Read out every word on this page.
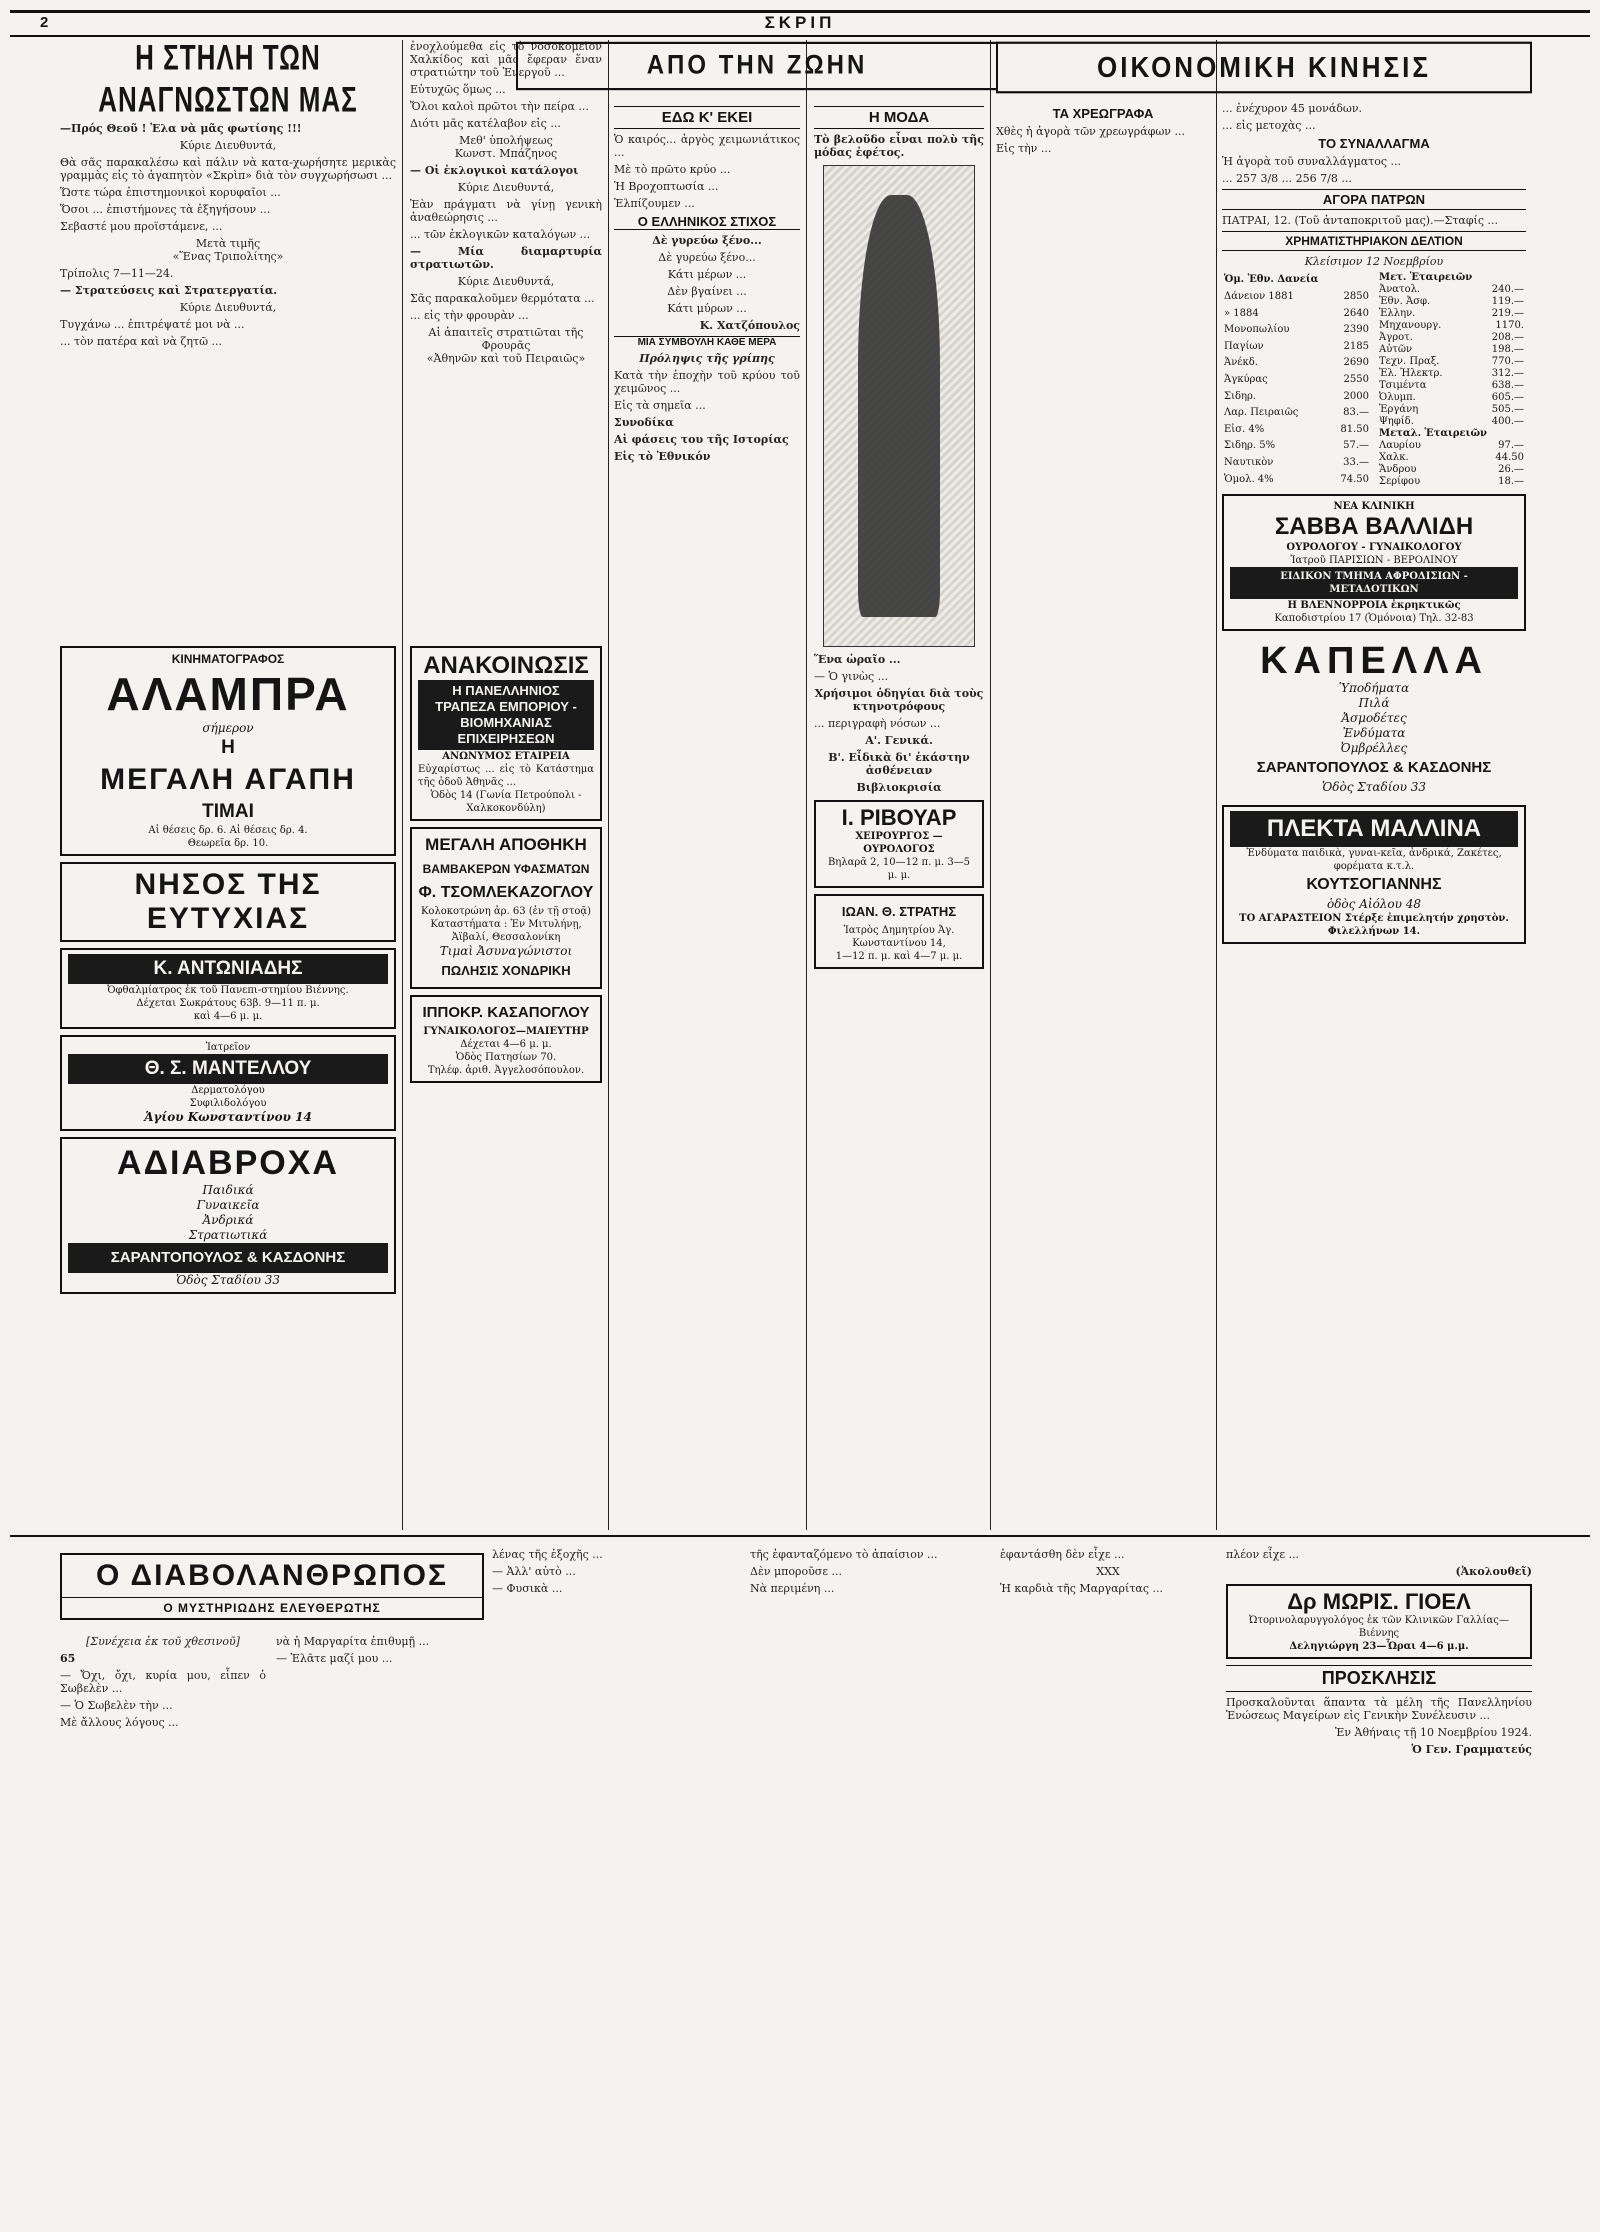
2	ΣΚΡΙΠ
Η ΣΤΗΛΗ ΤΩΝ ΑΝΑΓΝΩΣΤΩΝ ΜΑΣ

—Πρός Θεοῦ ! Ἐλα νὰ μᾶς φωτίσης !!!

Κύριε Διευθυντά,

Θὰ σᾶς παρακαλέσω καὶ πάλιν νὰ κατα-χωρήσητε μερικὰς γραμμὰς εἰς τὸ ἀγαπητὸν «Σκρὶπ» διὰ τὸν συγχωρήσωσι ...

Ὥστε τώρα ἐπιστημονικοὶ κορυφαῖοι ...

Ὅσοι ... ἐπιστήμονες τὰ ἐξηγήσουν ...

Σεβαστέ μου προϊστάμενε, ...

Μετὰ τιμῆς
«Ἕνας Τριπολίτης»

Τρίπολις 7—11—24.

— Στρατεύσεις καὶ Στρατεργατία.

Κύριε Διευθυντά,

Τυγχάνω ... ἐπιτρέψατέ μοι νὰ ...

... τὸν πατέρα καὶ νὰ ζητῶ ...

ΚΙΝΗΜΑΤΟΓΡΑΦΟΣ
ΑΛΑΜΠΡΑ
σήμερον
Η
ΜΕΓΑΛΗ ΑΓΑΠΗ
ΤΙΜΑΙ
Αἱ θέσεις δρ. 6. Αἱ θέσεις δρ. 4.
Θεωρεῖα δρ. 10.
ΝΗΣΟΣ ΤΗΣ ΕΥΤΥΧΙΑΣ
Κ. ΑΝΤΩΝΙΑΔΗΣ
Ὀφθαλμίατρος ἐκ τοῦ Πανεπι-στημίου Βιέννης.
Δέχεται Σωκράτους 63β. 9—11 π. μ.
καὶ 4—6 μ. μ.
Ἰατρεῖον
Θ. Σ. ΜΑΝΤΕΛΛΟΥ
Δερματολόγου
Συφιλιδολόγου
Ἁγίου Κωνσταντίνου 14
ΑΔΙΑΒΡΟΧΑ
Παιδικά
Γυναικεῖα
Ἀνδρικά
Στρατιωτικά
ΣΑΡΑΝΤΟΠΟΥΛΟΣ & ΚΑΣΔΟΝΗΣ
Ὁδὸς Σταδίου 33

ἐνοχλούμεθα εἰς τὸ νοσοκομεῖον Χαλκίδος καὶ μᾶς ἔφεραν ἕναν στρατιώτην τοῦ Ἐνεργοῦ ...

Εὐτυχῶς ὅμως ...

Ὅλοι καλοὶ πρῶτοι τὴν πείρα ...

Διότι μᾶς κατέλαβον εἰς ...

Μεθ' ὑπολήψεως
Κωνστ. Μπάζηνος

— Οἱ ἐκλογικοὶ κατάλογοι

Κύριε Διευθυντά,

Ἐὰν πράγματι νὰ γίνῃ γενικὴ ἀναθεώρησις ...

... τῶν ἐκλογικῶν καταλόγων ...

— Μία διαμαρτυρία στρατιωτῶν.

Κύριε Διευθυντά,

Σᾶς παρακαλοῦμεν θερμότατα ...

... εἰς τὴν φρουρὰν ...

Αἱ ἀπαιτεῖς στρατιῶται τῆς Φρουρᾶς
«Ἀθηνῶν καὶ τοῦ Πειραιῶς»

ΑΝΑΚΟΙΝΩΣΙΣ
Η ΠΑΝΕΛΛΗΝΙΟΣ ΤΡΑΠΕΖΑ ΕΜΠΟΡΙΟΥ - ΒΙΟΜΗΧΑΝΙΑΣ ΕΠΙΧΕΙΡΗΣΕΩΝ
ΑΝΩΝΥΜΟΣ ΕΤΑΙΡΕΙΑ
Εὐχαρίστως ... εἰς τὸ Κατάστημα τῆς ὁδοῦ Ἀθηνᾶς ...
Ὁδὸς 14 (Γωνία Πετρούπολι - Χαλκοκονδύλη)
ΜΕΓΑΛΗ ΑΠΟΘΗΚΗ
ΒΑΜΒΑΚΕΡΩΝ ΥΦΑΣΜΑΤΩΝ
Φ. ΤΣΟΜΛΕΚΑΖΟΓΛΟΥ
Κολοκοτρώνη ἀρ. 63 (ἐν τῇ στοᾷ)
Καταστήματα : Ἐν Μιτυλήνῃ, Ἀϊβαλί, Θεσσαλονίκη
Τιμαὶ Ἀσυναγώνιστοι
ΠΩΛΗΣΙΣ ΧΟΝΔΡΙΚΗ
ΙΠΠΟΚΡ. ΚΑΣΑΠΟΓΛΟΥ
ΓΥΝΑΙΚΟΛΟΓΟΣ—ΜΑΙΕΥΤΗΡ
Δέχεται 4—6 μ. μ.
Ὁδὸς Πατησίων 70.
Τηλέφ. ἀριθ. Ἀγγελοσόπουλον.
ΑΠΟ ΤΗΝ ΖΩΗΝ
ΕΔΩ Κ' ΕΚΕΙ

Ὁ καιρός... ἀργὸς χειμωνιάτικος ...

Μὲ τὸ πρῶτο κρύο ...

Ἡ Βροχοπτωσία ...

Ἐλπίζουμεν ...

Ο ΕΛΛΗΝΙΚΟΣ ΣΤΙΧΟΣ

Δὲ γυρεύω ξένο...

Δὲ γυρεύω ξένο...

Κάτι μέρων ...

Δὲν βγαίνει ...

Κάτι μύρων ...

Κ. Χατζόπουλος

ΜΙΑ ΣΥΜΒΟΥΛΗ ΚΑΘΕ ΜΕΡΑ

Πρόληψις τῆς γρίπης

Κατὰ τὴν ἐποχὴν τοῦ κρύου τοῦ χειμῶνος ...

Εἰς τὰ σημεῖα ...

Συνοδίκα

Αἱ φάσεις του τῆς Ιστορίας

Εἰς τὸ Ἐθνικόν

Η ΜΟΔΑ

Τὸ βελοῦδο εἶναι πολὺ τῆς μόδας ἐφέτος.

Ἕνα ὡραῖο ...

— Ὁ γινὼς ...

Χρήσιμοι ὁδηγίαι διὰ τοὺς κτηνοτρόφους

... περιγραφὴ νόσων ...

Α'. Γενικά.

Β'. Εἶδικὰ δι' ἑκάστην ἀσθένειαν

Βιβλιοκρισία

Ι. ΡΙΒΟΥΑΡ
ΧΕΙΡΟΥΡΓΟΣ — ΟΥΡΟΛΟΓΟΣ
Βηλαρᾶ 2, 10—12 π. μ. 3—5 μ. μ.
ΙΩΑΝ. Θ. ΣΤΡΑΤΗΣ
Ἰατρὸς Δημητρίου Ἀγ. Κωνσταντίνου 14,
1—12 π. μ. καὶ 4—7 μ. μ.
ΟΙΚΟΝΟΜΙΚΗ ΚΙΝΗΣΙΣ
ΤΑ ΧΡΕΩΓΡΑΦΑ

Χθὲς ἡ ἀγορὰ τῶν χρεωγράφων ...

Εἰς τὴν ...

... ἐνέχυρον 45 μονάδων.

... εἰς μετοχὰς ...

ΤΟ ΣΥΝΑΛΛΑΓΜΑ

Ἡ ἀγορὰ τοῦ συναλλάγματος ...

... 257 3/8 ... 256 7/8 ...

ΑΓΟΡΑ ΠΑΤΡΩΝ

ΠΑΤΡΑΙ, 12. (Τοῦ ἀνταποκριτοῦ μας).—Σταφίς ...

ΧΡΗΜΑΤΙΣΤΗΡΙΑΚΟΝ ΔΕΛΤΙΟΝ

Κλείσιμον 12 Νοεμβρίου

Ὁμ. Ἐθν. Δανεία	
Δάνειον 1881	2850
» 1884	2640
Μονοπωλίου	2390
Παγίων	2185
Ἀνέκδ.	2690
Ἀγκύρας	2550
Σιδηρ.	2000
Λαρ. Πειραιῶς	83.—
Εἰσ. 4%	81.50
Σιδηρ. 5%	57.—
Ναυτικὸν	33.—
Ὁμολ. 4%	74.50
Μετ. Ἑταιρειῶν	
Ἀνατολ.	240.—
Ἐθν. Ἀσφ.	119.—
Ἑλλην.	219.—
Μηχανουργ.	1170.
Ἀγροτ.	208.—
Αὐτῶν	198.—
Τεχν. Πραξ.	770.—
Ἐλ. Ἠλεκτρ.	312.—
Τσιμέντα	638.—
Ὀλυμπ.	605.—
Ἐργάνη	505.—
Ψηφίδ.	400.—
Μεταλ. Ἑταιρειῶν	
Λαυρίου	97.—
Χαλκ.	44.50
Ἄνδρου	26.—
Σερίφου	18.—
ΝΕΑ ΚΛΙΝΙΚΗ
ΣΑΒΒΑ ΒΑΛΛΙΔΗ
ΟΥΡΟΛΟΓΟΥ - ΓΥΝΑΙΚΟΛΟΓΟΥ
Ἰατροῦ ΠΑΡΙΣΙΩΝ - ΒΕΡΟΛΙΝΟΥ
ΕΙΔΙΚΟΝ ΤΜΗΜΑ ΑΦΡΟΔΙΣΙΩΝ - ΜΕΤΑΔΟΤΙΚΩΝ
Η ΒΛΕΝΝΟΡΡΟΙΑ ἐκρηκτικῶς
Καποδιστρίου 17 (Ὁμόνοια) Τηλ. 32-83
ΚΑΠΕΛΛΑ
Ὑποδήματα
Πιλά
Ἀσμοδέτες
Ἐνδύματα
Ὀμβρέλλες
ΣΑΡΑΝΤΟΠΟΥΛΟΣ & ΚΑΣΔΟΝΗΣ
Ὁδὸς Σταδίου 33
ΠΛΕΚΤΑ ΜΑΛΛΙΝΑ
Ἐνδύματα παιδικὰ, γυναι-κεῖα, ἀνδρικά, Ζακέτες, φορέματα κ.τ.λ.
ΚΟΥΤΣΟΓΙΑΝΝΗΣ
ὁδὸς Αἰόλου 48
ΤΟ ΑΓΑΡΑΣΤΕΙΟΝ Στέρξε ἐπιμελητήν χρηστὸν. Φιλελλήνων 14.
Ο ΔΙΑΒΟΛΑΝΘΡΩΠΟΣ
Ο ΜΥΣΤΗΡΙΩΔΗΣ ΕΛΕΥΘΕΡΩΤΗΣ

[Συνέχεια ἐκ τοῦ χθεσινοῦ]

65

— Ὄχι, ὄχι, κυρία μου, εἶπεν ὁ Σωβελὲν ...

— Ὁ Σωβελὲν τὴν ...

Μὲ ἄλλους λόγους ...

νὰ ἡ Μαργαρίτα ἐπιθυμῇ ...

— Ἐλᾶτε μαζί μου ...

λένας τῆς ἐξοχῆς ...

— Ἀλλ' αὐτὸ ...

— Φυσικὰ ...

τῆς ἐφανταζόμενο τὸ ἀπαίσιον ...

Δὲν μποροῦσε ...

Νὰ περιμένη ...

ἐφαντάσθη δὲν εἶχε ...

XXX

Ἡ καρδιὰ τῆς Μαργαρίτας ...

πλέον εἶχε ...

(Ἀκολουθεῖ)

Δρ ΜΩΡΙΣ. ΓΙΟΕΛ
Ὠτορινολαρυγγολόγος ἐκ τῶν Κλινικῶν Γαλλίας—Βιέννης
Δεληγιώργη 23—Ὧραι 4—6 μ.μ.
ΠΡΟΣΚΛΗΣΙΣ

Προσκαλοῦνται ἅπαντα τὰ μέλη τῆς Πανελληνίου Ἑνώσεως Μαγείρων εἰς Γενικὴν Συνέλευσιν ...

Ἐν Ἀθήναις τῇ 10 Νοεμβρίου 1924.

Ὁ Γεν. Γραμματεύς
